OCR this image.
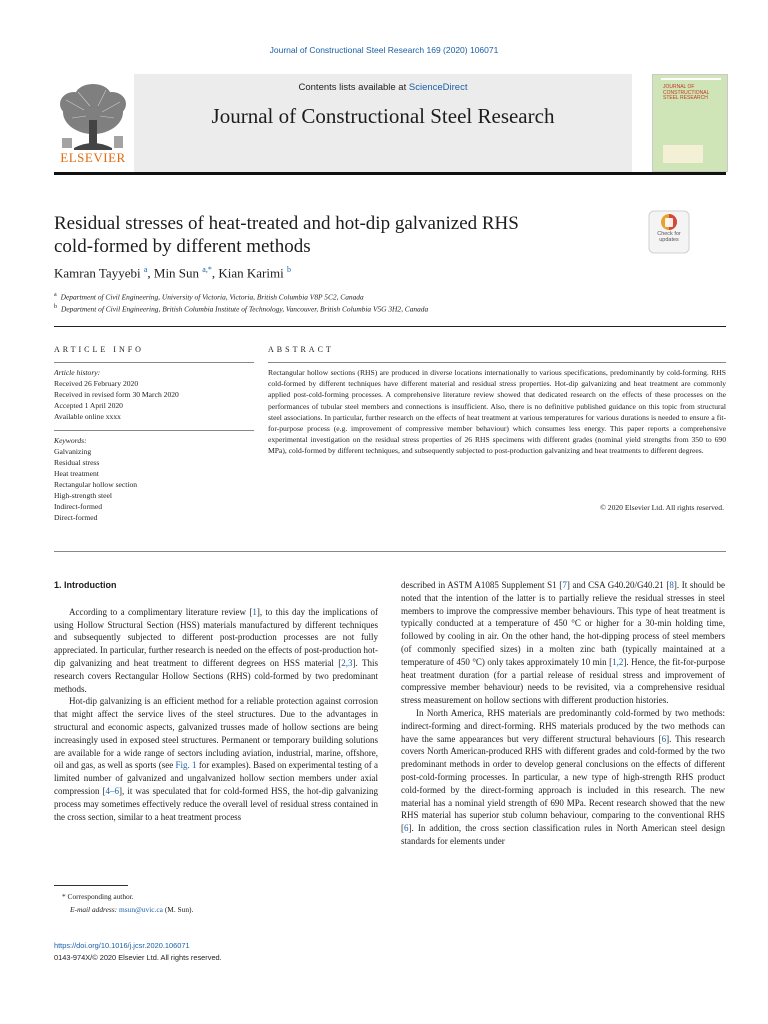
Journal of Constructional Steel Research 169 (2020) 106071
Contents lists available at ScienceDirect
Journal of Constructional Steel Research
ELSEVIER
JOURNAL OF
CONSTRUCTIONAL
STEEL RESEARCH
Residual stresses of heat-treated and hot-dip galvanized RHS
cold-formed by different methods
Check for
updates
Kamran Tayyebi $^a$, Min Sun $^{a,*}$, Kian Karimi $^b$
$^a$ Department of Civil Engineering, University of Victoria, Victoria, British Columbia V8P 5C2, Canada
$^b$ Department of Civil Engineering, British Columbia Institute of Technology, Vancouver, British Columbia V5G 3H2, Canada
ARTICLE INFO
Article history:
Received 26 February 2020
Received in revised form 30 March 2020
Accepted 1 April 2020
Available online xxxx
Keywords:
Galvanizing
Residual stress
Heat treatment
Rectangular hollow section
High-strength steel
Indirect-formed
Direct-formed
ABSTRACT
Rectangular hollow sections (RHS) are produced in diverse locations internationally to various specifications, predominantly by cold-forming. RHS cold-formed by different techniques have different material and residual stress properties. Hot-dip galvanizing and heat treatment are commonly applied post-cold-forming processes. A comprehensive literature review showed that dedicated research on the effects of these processes on the performances of tubular steel members and connections is insufficient. Also, there is no definitive published guidance on this topic from structural steel associations. In particular, further research on the effects of heat treatment at various temperatures for various durations is needed to ensure a fit-for-purpose process (e.g. improvement of compressive member behaviour) which consumes less energy. This paper reports a comprehensive experimental investigation on the residual stress properties of 26 RHS specimens with different grades (nominal yield strengths from 350 to 690 MPa), cold-formed by different techniques, and subsequently subjected to post-production galvanizing and heat treatments to different degrees.
© 2020 Elsevier Ltd. All rights reserved.
1. Introduction

According to a complimentary literature review [1], to this day the implications of using Hollow Structural Section (HSS) materials manufactured by different techniques and subsequently subjected to different post-production processes are not fully appreciated. In particular, further research is needed on the effects of post-production hot-dip galvanizing and heat treatment to different degrees on HSS material [2,3]. This research covers Rectangular Hollow Sections (RHS) cold-formed by two predominant methods.

Hot-dip galvanizing is an efficient method for a reliable protection against corrosion that might affect the service lives of the steel structures. Due to the advantages in structural and economic aspects, galvanized trusses made of hollow sections are being increasingly used in exposed steel structures. Permanent or temporary building solutions are available for a wide range of sectors including aviation, industrial, marine, offshore, oil and gas, as well as sports (see Fig. 1 for examples). Based on experimental testing of a limited number of galvanized and ungalvanized hollow section members under axial compression [4–6], it was speculated that for cold-formed HSS, the hot-dip galvanizing process may sometimes effectively reduce the overall level of residual stress contained in the cross section, similar to a heat treatment process

described in ASTM A1085 Supplement S1 [7] and CSA G40.20/G40.21 [8]. It should be noted that the intention of the latter is to partially relieve the residual stresses in steel members to improve the compressive member behaviours. This type of heat treatment is typically conducted at a temperature of 450 °C or higher for a 30-min holding time, followed by cooling in air. On the other hand, the hot-dipping process of steel members (of commonly specified sizes) in a molten zinc bath (typically maintained at a temperature of 450 °C) only takes approximately 10 min [1,2]. Hence, the fit-for-purpose heat treatment duration (for a partial release of residual stress and improvement of compressive member behaviour) needs to be revisited, via a comprehensive residual stress measurement on hollow sections with different production histories.

In North America, RHS materials are predominantly cold-formed by two methods: indirect-forming and direct-forming. RHS materials produced by the two methods can have the same appearances but very different structural behaviours [6]. This research covers North American-produced RHS with different grades and cold-formed by the two predominant methods in order to develop general conclusions on the effects of different post-cold-forming processes. In particular, a new type of high-strength RHS product cold-formed by the direct-forming approach is included in this research. The new material has a nominal yield strength of 690 MPa. Recent research showed that the new RHS material has superior stub column behaviour, comparing to the conventional RHS [6]. In addition, the cross section classification rules in North American steel design standards for elements under

* Corresponding author.
E-mail address: msun@uvic.ca (M. Sun).
https://doi.org/10.1016/j.jcsr.2020.106071
0143-974X/© 2020 Elsevier Ltd. All rights reserved.
